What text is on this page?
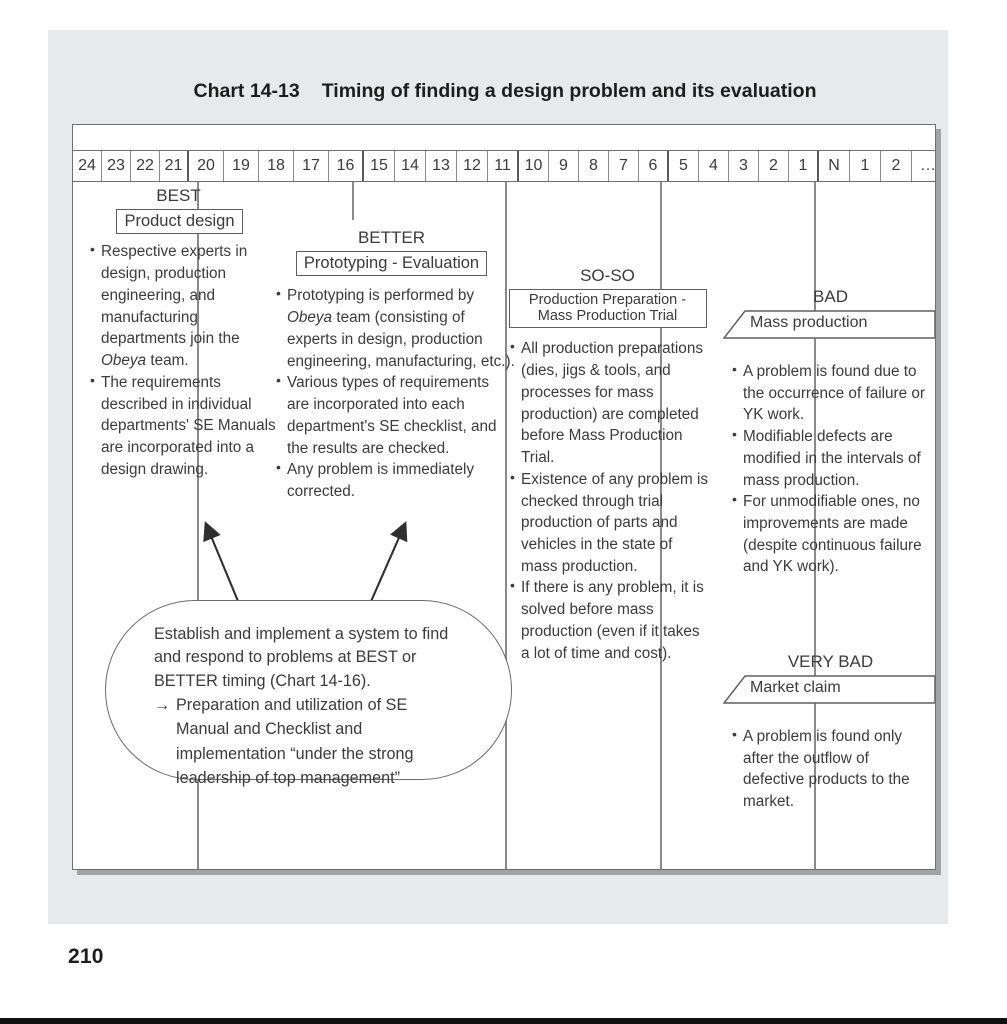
Chart 14-13 Timing of finding a design problem and its evaluation
24 23 22 21 20	19	18	17	16 15 14 13 12 11 10	9	8	7	6	5	4	3	2	1	N	1	2	…
BEST
Product design
• Respective experts in design, production engineering, and manufacturing departments join the Obeya team.
• The requirements described in individual departments' SE Manuals are incorporated into a design drawing.
BETTER
Prototyping - Evaluation
• Prototyping is performed by Obeya team (consisting of experts in design, production engineering, manufacturing, etc.).
• Various types of requirements are incorporated into each department's SE checklist, and the results are checked.
• Any problem is immediately corrected.
SO-SO
Production Preparation -
Mass Production Trial
• All production preparations (dies, jigs & tools, and processes for mass production) are completed before Mass Production Trial.
• Existence of any problem is checked through trial production of parts and vehicles in the state of mass production.
• If there is any problem, it is solved before mass production (even if it takes a lot of time and cost).
BAD
Mass production
• A problem is found due to the occurrence of failure or YK work.
• Modifiable defects are modified in the intervals of mass production.
• For unmodifiable ones, no improvements are made (despite continuous failure and YK work).
VERY BAD
Market claim
• A problem is found only after the outflow of defective products to the market.

Establish and implement a system to find

and respond to problems at BEST or

BETTER timing (Chart 14-16).

→ Preparation and utilization of SE
Manual and Checklist and
implementation “under the strong
leadership of top management”
210
